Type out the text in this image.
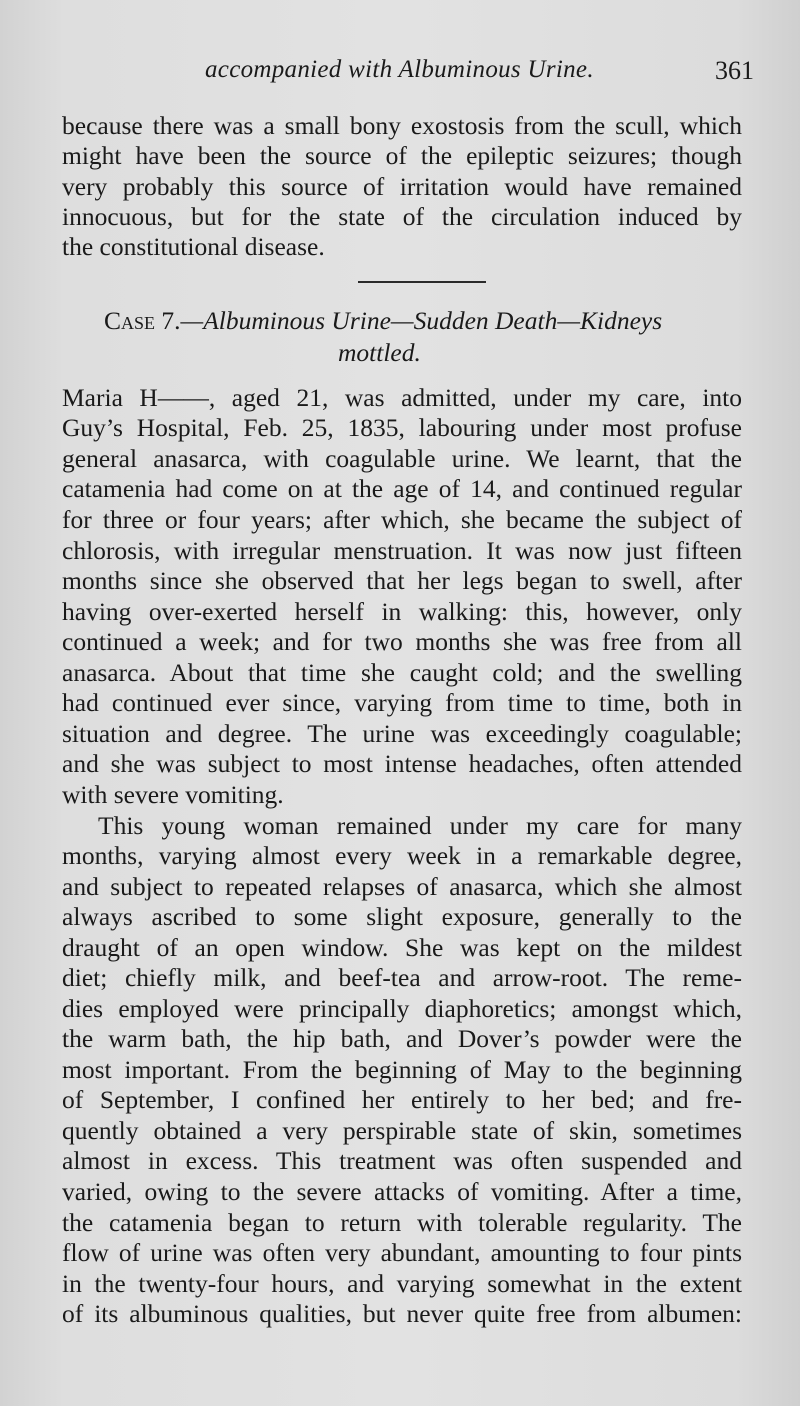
accompanied with Albuminous Urine.	361
because there was a small bony exostosis from the scull, which
might have been the source of the epileptic seizures; though
very probably this source of irritation would have remained
innocuous, but for the state of the circulation induced by
the constitutional disease.
Case 7.—Albuminous Urine—Sudden Death—Kidneys
mottled.
Maria H——, aged 21, was admitted, under my care, into
Guy’s Hospital, Feb. 25, 1835, labouring under most profuse
general anasarca, with coagulable urine. We learnt, that the
catamenia had come on at the age of 14, and continued regular
for three or four years; after which, she became the subject of
chlorosis, with irregular menstruation. It was now just fifteen
months since she observed that her legs began to swell, after
having over-exerted herself in walking: this, however, only
continued a week; and for two months she was free from all
anasarca. About that time she caught cold; and the swelling
had continued ever since, varying from time to time, both in
situation and degree. The urine was exceedingly coagulable;
and she was subject to most intense headaches, often attended
with severe vomiting.
This young woman remained under my care for many
months, varying almost every week in a remarkable degree,
and subject to repeated relapses of anasarca, which she almost
always ascribed to some slight exposure, generally to the
draught of an open window. She was kept on the mildest
diet; chiefly milk, and beef-tea and arrow-root. The reme-
dies employed were principally diaphoretics; amongst which,
the warm bath, the hip bath, and Dover’s powder were the
most important. From the beginning of May to the beginning
of September, I confined her entirely to her bed; and fre-
quently obtained a very perspirable state of skin, sometimes
almost in excess. This treatment was often suspended and
varied, owing to the severe attacks of vomiting. After a time,
the catamenia began to return with tolerable regularity. The
flow of urine was often very abundant, amounting to four pints
in the twenty-four hours, and varying somewhat in the extent
of its albuminous qualities, but never quite free from albumen:
